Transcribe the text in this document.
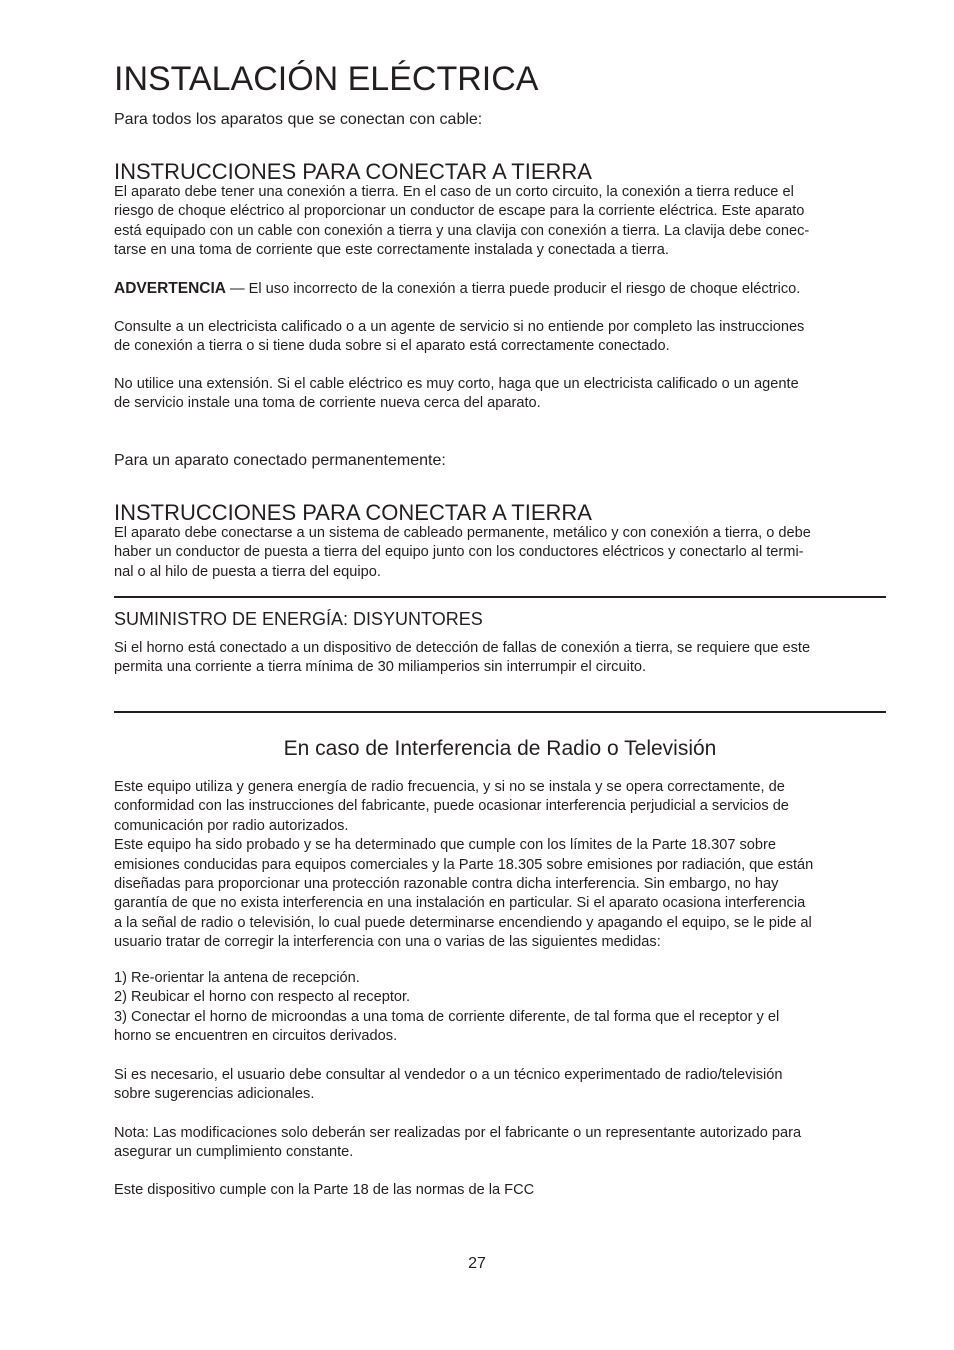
INSTALACIÓN ELÉCTRICA
Para todos los aparatos que se conectan con cable:
INSTRUCCIONES PARA CONECTAR A TIERRA
El aparato debe tener una conexión a tierra. En el caso de un corto circuito, la conexión a tierra reduce el
riesgo de choque eléctrico al proporcionar un conductor de escape para la corriente eléctrica. Este aparato
está equipado con un cable con conexión a tierra y una clavija con conexión a tierra. La clavija debe conec-
tarse en una toma de corriente que este correctamente instalada y conectada a tierra.
ADVERTENCIA — El uso incorrecto de la conexión a tierra puede producir el riesgo de choque eléctrico.
Consulte a un electricista calificado o a un agente de servicio si no entiende por completo las instrucciones
de conexión a tierra o si tiene duda sobre si el aparato está correctamente conectado.
No utilice una extensión. Si el cable eléctrico es muy corto, haga que un electricista calificado o un agente
de servicio instale una toma de corriente nueva cerca del aparato.
Para un aparato conectado permanentemente:
INSTRUCCIONES PARA CONECTAR A TIERRA
El aparato debe conectarse a un sistema de cableado permanente, metálico y con conexión a tierra, o debe
haber un conductor de puesta a tierra del equipo junto con los conductores eléctricos y conectarlo al termi-
nal o al hilo de puesta a tierra del equipo.
SUMINISTRO DE ENERGÍA: DISYUNTORES
Si el horno está conectado a un dispositivo de detección de fallas de conexión a tierra, se requiere que este
permita una corriente a tierra mínima de 30 miliamperios sin interrumpir el circuito.
En caso de Interferencia de Radio o Televisión
Este equipo utiliza y genera energía de radio frecuencia, y si no se instala y se opera correctamente, de
conformidad con las instrucciones del fabricante, puede ocasionar interferencia perjudicial a servicios de
comunicación por radio autorizados.
Este equipo ha sido probado y se ha determinado que cumple con los límites de la Parte 18.307 sobre
emisiones conducidas para equipos comerciales y la Parte 18.305 sobre emisiones por radiación, que están
diseñadas para proporcionar una protección razonable contra dicha interferencia. Sin embargo, no hay
garantía de que no exista interferencia en una instalación en particular. Si el aparato ocasiona interferencia
a la señal de radio o televisión, lo cual puede determinarse encendiendo y apagando el equipo, se le pide al
usuario tratar de corregir la interferencia con una o varias de las siguientes medidas:
1) Re-orientar la antena de recepción.
2) Reubicar el horno con respecto al receptor.
3) Conectar el horno de microondas a una toma de corriente diferente, de tal forma que el receptor y el
horno se encuentren en circuitos derivados.
Si es necesario, el usuario debe consultar al vendedor o a un técnico experimentado de radio/televisión
sobre sugerencias adicionales.
Nota: Las modificaciones solo deberán ser realizadas por el fabricante o un representante autorizado para
asegurar un cumplimiento constante.
Este dispositivo cumple con la Parte 18 de las normas de la FCC
27
